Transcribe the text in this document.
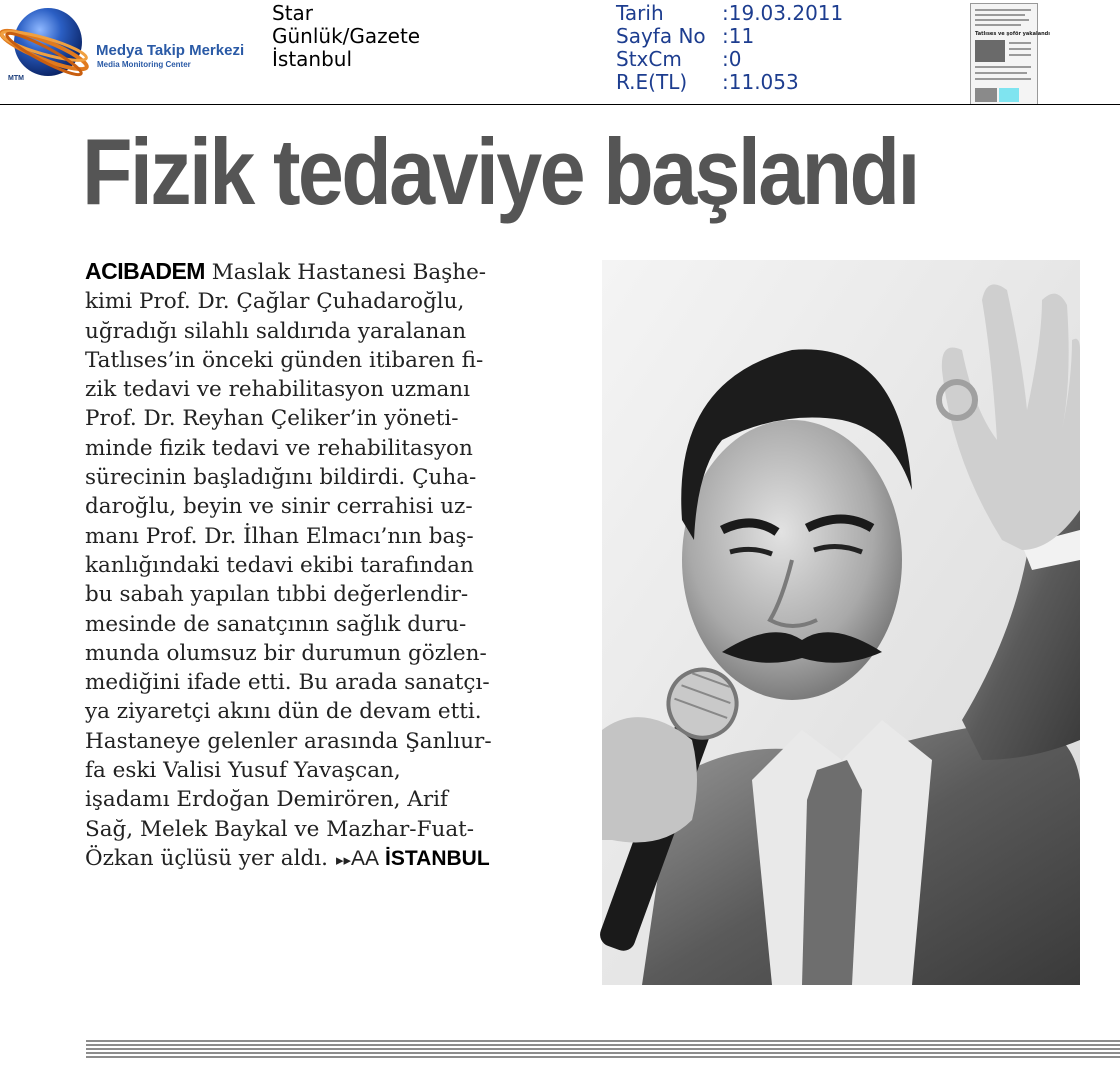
Medya Takip Merkezi
Media Monitoring Center
MTM
Star
Günlük/Gazete
İstanbul
Tarih	:19.03.2011
Sayfa No :11
StxCm	:0
R.E(TL)	:11.053
Tatlıses ve şoför yakalandı
Fizik tedaviye başlandı
ACIBADEM Maslak Hastanesi Başhe-
kimi Prof. Dr. Çağlar Çuhadaroğlu,
uğradığı silahlı saldırıda yaralanan
Tatlıses’in önceki günden itibaren fi-
zik tedavi ve rehabilitasyon uzmanı
Prof. Dr. Reyhan Çeliker’in yöneti-
minde fizik tedavi ve rehabilitasyon
sürecinin başladığını bildirdi. Çuha-
daroğlu, beyin ve sinir cerrahisi uz-
manı Prof. Dr. İlhan Elmacı’nın baş-
kanlığındaki tedavi ekibi tarafından
bu sabah yapılan tıbbi değerlendir-
mesinde de sanatçının sağlık duru-
munda olumsuz bir durumun gözlen-
mediğini ifade etti. Bu arada sanatçı-
ya ziyaretçi akını dün de devam etti.
Hastaneye gelenler arasında Şanlıur-
fa eski Valisi Yusuf Yavaşcan,
işadamı Erdoğan Demirören, Arif
Sağ, Melek Baykal ve Mazhar-Fuat-
Özkan üçlüsü yer aldı. ▸▸AA İSTANBUL
